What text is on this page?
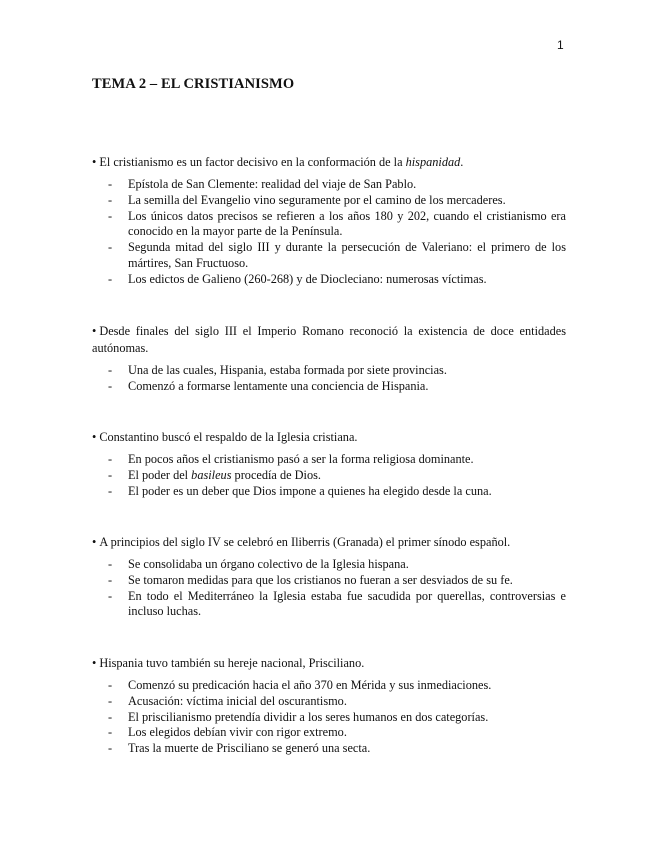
1
TEMA 2 – EL CRISTIANISMO

• El cristianismo es un factor decisivo en la conformación de la hispanidad.

- Epístola de San Clemente: realidad del viaje de San Pablo.
- La semilla del Evangelio vino seguramente por el camino de los mercaderes.
- Los únicos datos precisos se refieren a los años 180 y 202, cuando el cristianismo era conocido en la mayor parte de la Península.
- Segunda mitad del siglo III y durante la persecución de Valeriano: el primero de los mártires, San Fructuoso.
- Los edictos de Galieno (260-268) y de Diocleciano: numerosas víctimas.

• Desde finales del siglo III el Imperio Romano reconoció la existencia de doce entidades autónomas.

- Una de las cuales, Hispania, estaba formada por siete provincias.
- Comenzó a formarse lentamente una conciencia de Hispania.

• Constantino buscó el respaldo de la Iglesia cristiana.

- En pocos años el cristianismo pasó a ser la forma religiosa dominante.
- El poder del basileus procedía de Dios.
- El poder es un deber que Dios impone a quienes ha elegido desde la cuna.

• A principios del siglo IV se celebró en Iliberris (Granada) el primer sínodo español.

- Se consolidaba un órgano colectivo de la Iglesia hispana.
- Se tomaron medidas para que los cristianos no fueran a ser desviados de su fe.
- En todo el Mediterráneo la Iglesia estaba fue sacudida por querellas, controversias e incluso luchas.

• Hispania tuvo también su hereje nacional, Prisciliano.

- Comenzó su predicación hacia el año 370 en Mérida y sus inmediaciones.
- Acusación: víctima inicial del oscurantismo.
- El priscilianismo pretendía dividir a los seres humanos en dos categorías.
- Los elegidos debían vivir con rigor extremo.
- Tras la muerte de Prisciliano se generó una secta.
